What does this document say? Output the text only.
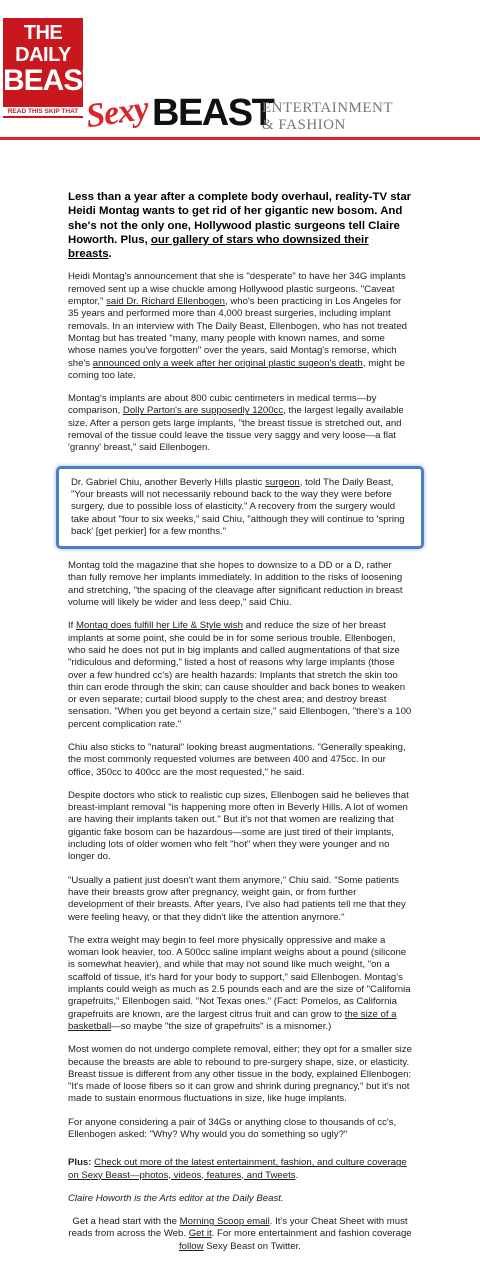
THE DAILY
BEAST
READ THIS SKIP THAT Sexy BEAST
ENTERTAINMENT
& FASHION

Less than a year after a complete body overhaul, reality-TV star Heidi Montag wants to get rid of her gigantic new bosom. And she's not the only one, Hollywood plastic surgeons tell Claire Howorth. Plus, our gallery of stars who downsized their breasts.

Heidi Montag's announcement that she is "desperate" to have her 34G implants removed sent up a wise chuckle among Hollywood plastic surgeons. "Caveat emptor," said Dr. Richard Ellenbogen, who's been practicing in Los Angeles for 35 years and performed more than 4,000 breast surgeries, including implant removals. In an interview with The Daily Beast, Ellenbogen, who has not treated Montag but has treated "many, many people with known names, and some whose names you've forgotten" over the years, said Montag's remorse, which she's announced only a week after her original plastic sugeon's death, might be coming too late.

Montag's implants are about 800 cubic centimeters in medical terms—by comparison, Dolly Parton's are supposedly 1200cc, the largest legally available size. After a person gets large implants, "the breast tissue is stretched out, and removal of the tissue could leave the tissue very saggy and very loose—a flat 'granny' breast," said Ellenbogen.

Dr. Gabriel Chiu, another Beverly Hills plastic surgeon, told The Daily Beast, "Your breasts will not necessarily rebound back to the way they were before surgery, due to possible loss of elasticity." A recovery from the surgery would take about "four to six weeks," said Chiu, "although they will continue to 'spring back' [get perkier] for a few months."

Montag told the magazine that she hopes to downsize to a DD or a D, rather than fully remove her implants immediately. In addition to the risks of loosening and stretching, "the spacing of the cleavage after significant reduction in breast volume will likely be wider and less deep," said Chiu.

If Montag does fulfill her Life & Style wish and reduce the size of her breast implants at some point, she could be in for some serious trouble. Ellenbogen, who said he does not put in big implants and called augmentations of that size "ridiculous and deforming," listed a host of reasons why large implants (those over a few hundred cc's) are health hazards: Implants that stretch the skin too thin can erode through the skin; can cause shoulder and back bones to weaken or even separate; curtail blood supply to the chest area; and destroy breast sensation. "When you get beyond a certain size," said Ellenbogen, "there's a 100 percent complication rate."

Chiu also sticks to "natural" looking breast augmentations. "Generally speaking, the most commonly requested volumes are between 400 and 475cc. In our office, 350cc to 400cc are the most requested," he said.

Despite doctors who stick to realistic cup sizes, Ellenbogen said he believes that breast-implant removal "is happening more often in Beverly Hills. A lot of women are having their implants taken out." But it's not that women are realizing that gigantic fake bosom can be hazardous—some are just tired of their implants, including lots of older women who felt "hot" when they were younger and no longer do.

"Usually a patient just doesn't want them anymore," Chiu said. "Some patients have their breasts grow after pregnancy, weight gain, or from further development of their breasts. After years, I've also had patients tell me that they were feeling heavy, or that they didn't like the attention anymore."

The extra weight may begin to feel more physically oppressive and make a woman look heavier, too. A 500cc saline implant weighs about a pound (silicone is somewhat heavier), and while that may not sound like much weight, "on a scaffold of tissue, it's hard for your body to support," said Ellenbogen. Montag's implants could weigh as much as 2.5 pounds each and are the size of "California grapefruits," Ellenbogen said. "Not Texas ones." (Fact: Pomelos, as California grapefruits are known, are the largest citrus fruit and can grow to the size of a basketball—so maybe "the size of grapefruits" is a misnomer.)

Most women do not undergo complete removal, either; they opt for a smaller size because the breasts are able to rebound to pre-surgery shape, size, or elasticity. Breast tissue is different from any other tissue in the body, explained Ellenbogen: "It's made of loose fibers so it can grow and shrink during pregnancy," but it's not made to sustain enormous fluctuations in size, like huge implants.

For anyone considering a pair of 34Gs or anything close to thousands of cc's, Ellenbogen asked: "Why? Why would you do something so ugly?"

Plus: Check out more of the latest entertainment, fashion, and culture coverage on Sexy Beast—photos, videos, features, and Tweets.

Claire Howorth is the Arts editor at the Daily Beast.

Get a head start with the Morning Scoop email. It's your Cheat Sheet with must reads from across the Web. Get it. For more entertainment and fashion coverage follow Sexy Beast on Twitter.
